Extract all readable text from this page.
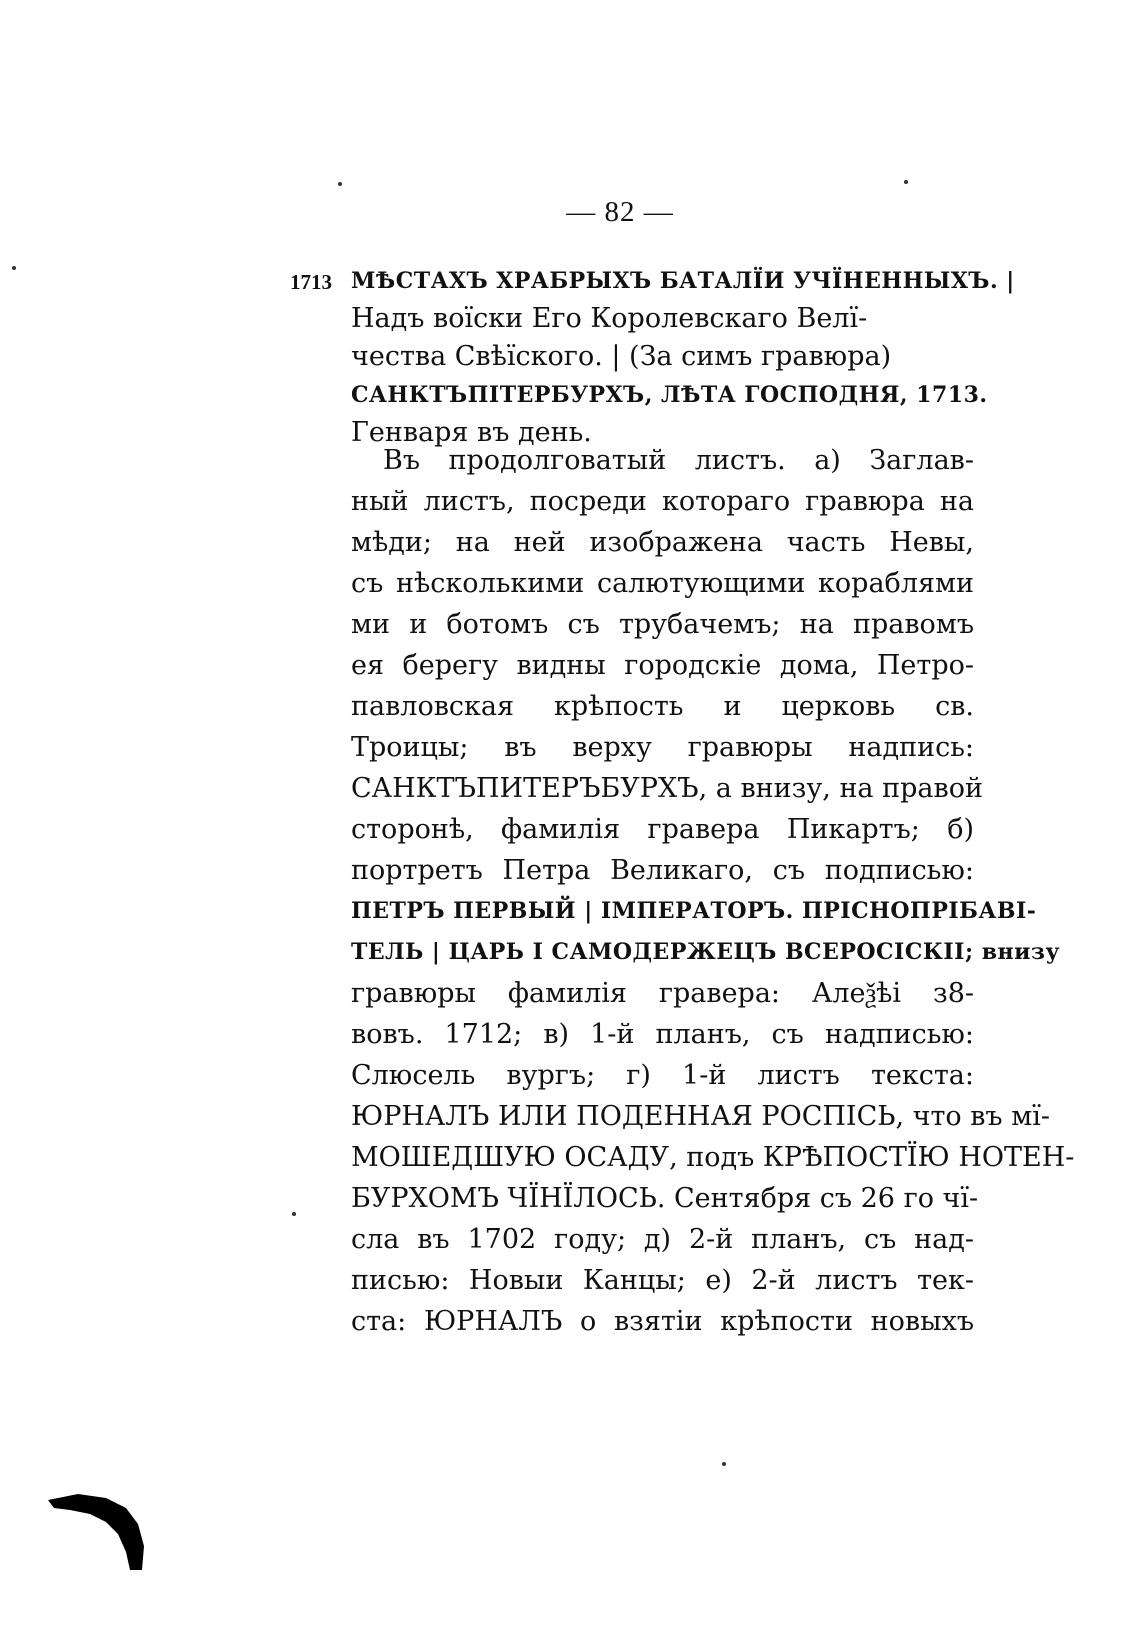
— 82 —
1713 МѢСТАХЪ ХРАБРЫХЪ БАТАЛЇИ УЧЇНЕННЫХЪ. |
Надъ воїски Его Королевскаго Велї-
чества Свѣїского. | (За симъ гравюра)
САНКТЪПІТЕРБУРХЪ, ЛѢТА ГОСПОДНЯ, 1713.
Генваря въ день.
Въ продолговатый листъ. а) Заглав-
ный листъ, посреди котораго гравюра на
мѣди; на ней изображена часть Невы,
съ нѣсколькими салютующими кораблями
ми и ботомъ съ трубачемъ; на правомъ
ея берегу видны городскіе дома, Петро-
павловская крѣпость и церковь св.
Троицы; въ верху гравюры надпись:
САНКТЪПИТЕРЪБУРХЪ, а внизу, на правой
сторонѣ, фамилія гравера Пикартъ; б)
портретъ Петра Великаго, съ подписью:
ПЕТРЪ ПЕРВЫЙ | ІМПЕРАТОРЪ. ПРІСНОПРІБАВІ-
ТЕЛЬ | ЦАРЬ І САМОДЕРЖЕЦЪ ВСЕРОСІСКІІ; внизу
гравюры фамилія гравера: Алеѯѣі з8-
вовъ. 1712; в) 1-й планъ, съ надписью:
Слюсель вургъ; г) 1-й листъ текста:
ЮРНАЛЪ ИЛИ ПОДЕННАЯ РОСПІСЬ, что въ мї-
МОШЕДШУЮ ОСАДУ, подъ КРѢПОСТЇЮ НОТЕН-
БУРХОМЪ ЧЇНЇЛОСЬ. Сентября съ 26 го чї-
сла въ 1702 году; д) 2-й планъ, съ над-
писью: Новыи Канцы; е) 2-й листъ тек-
ста: ЮРНАЛЪ о взятіи крѣпости новыхъ
